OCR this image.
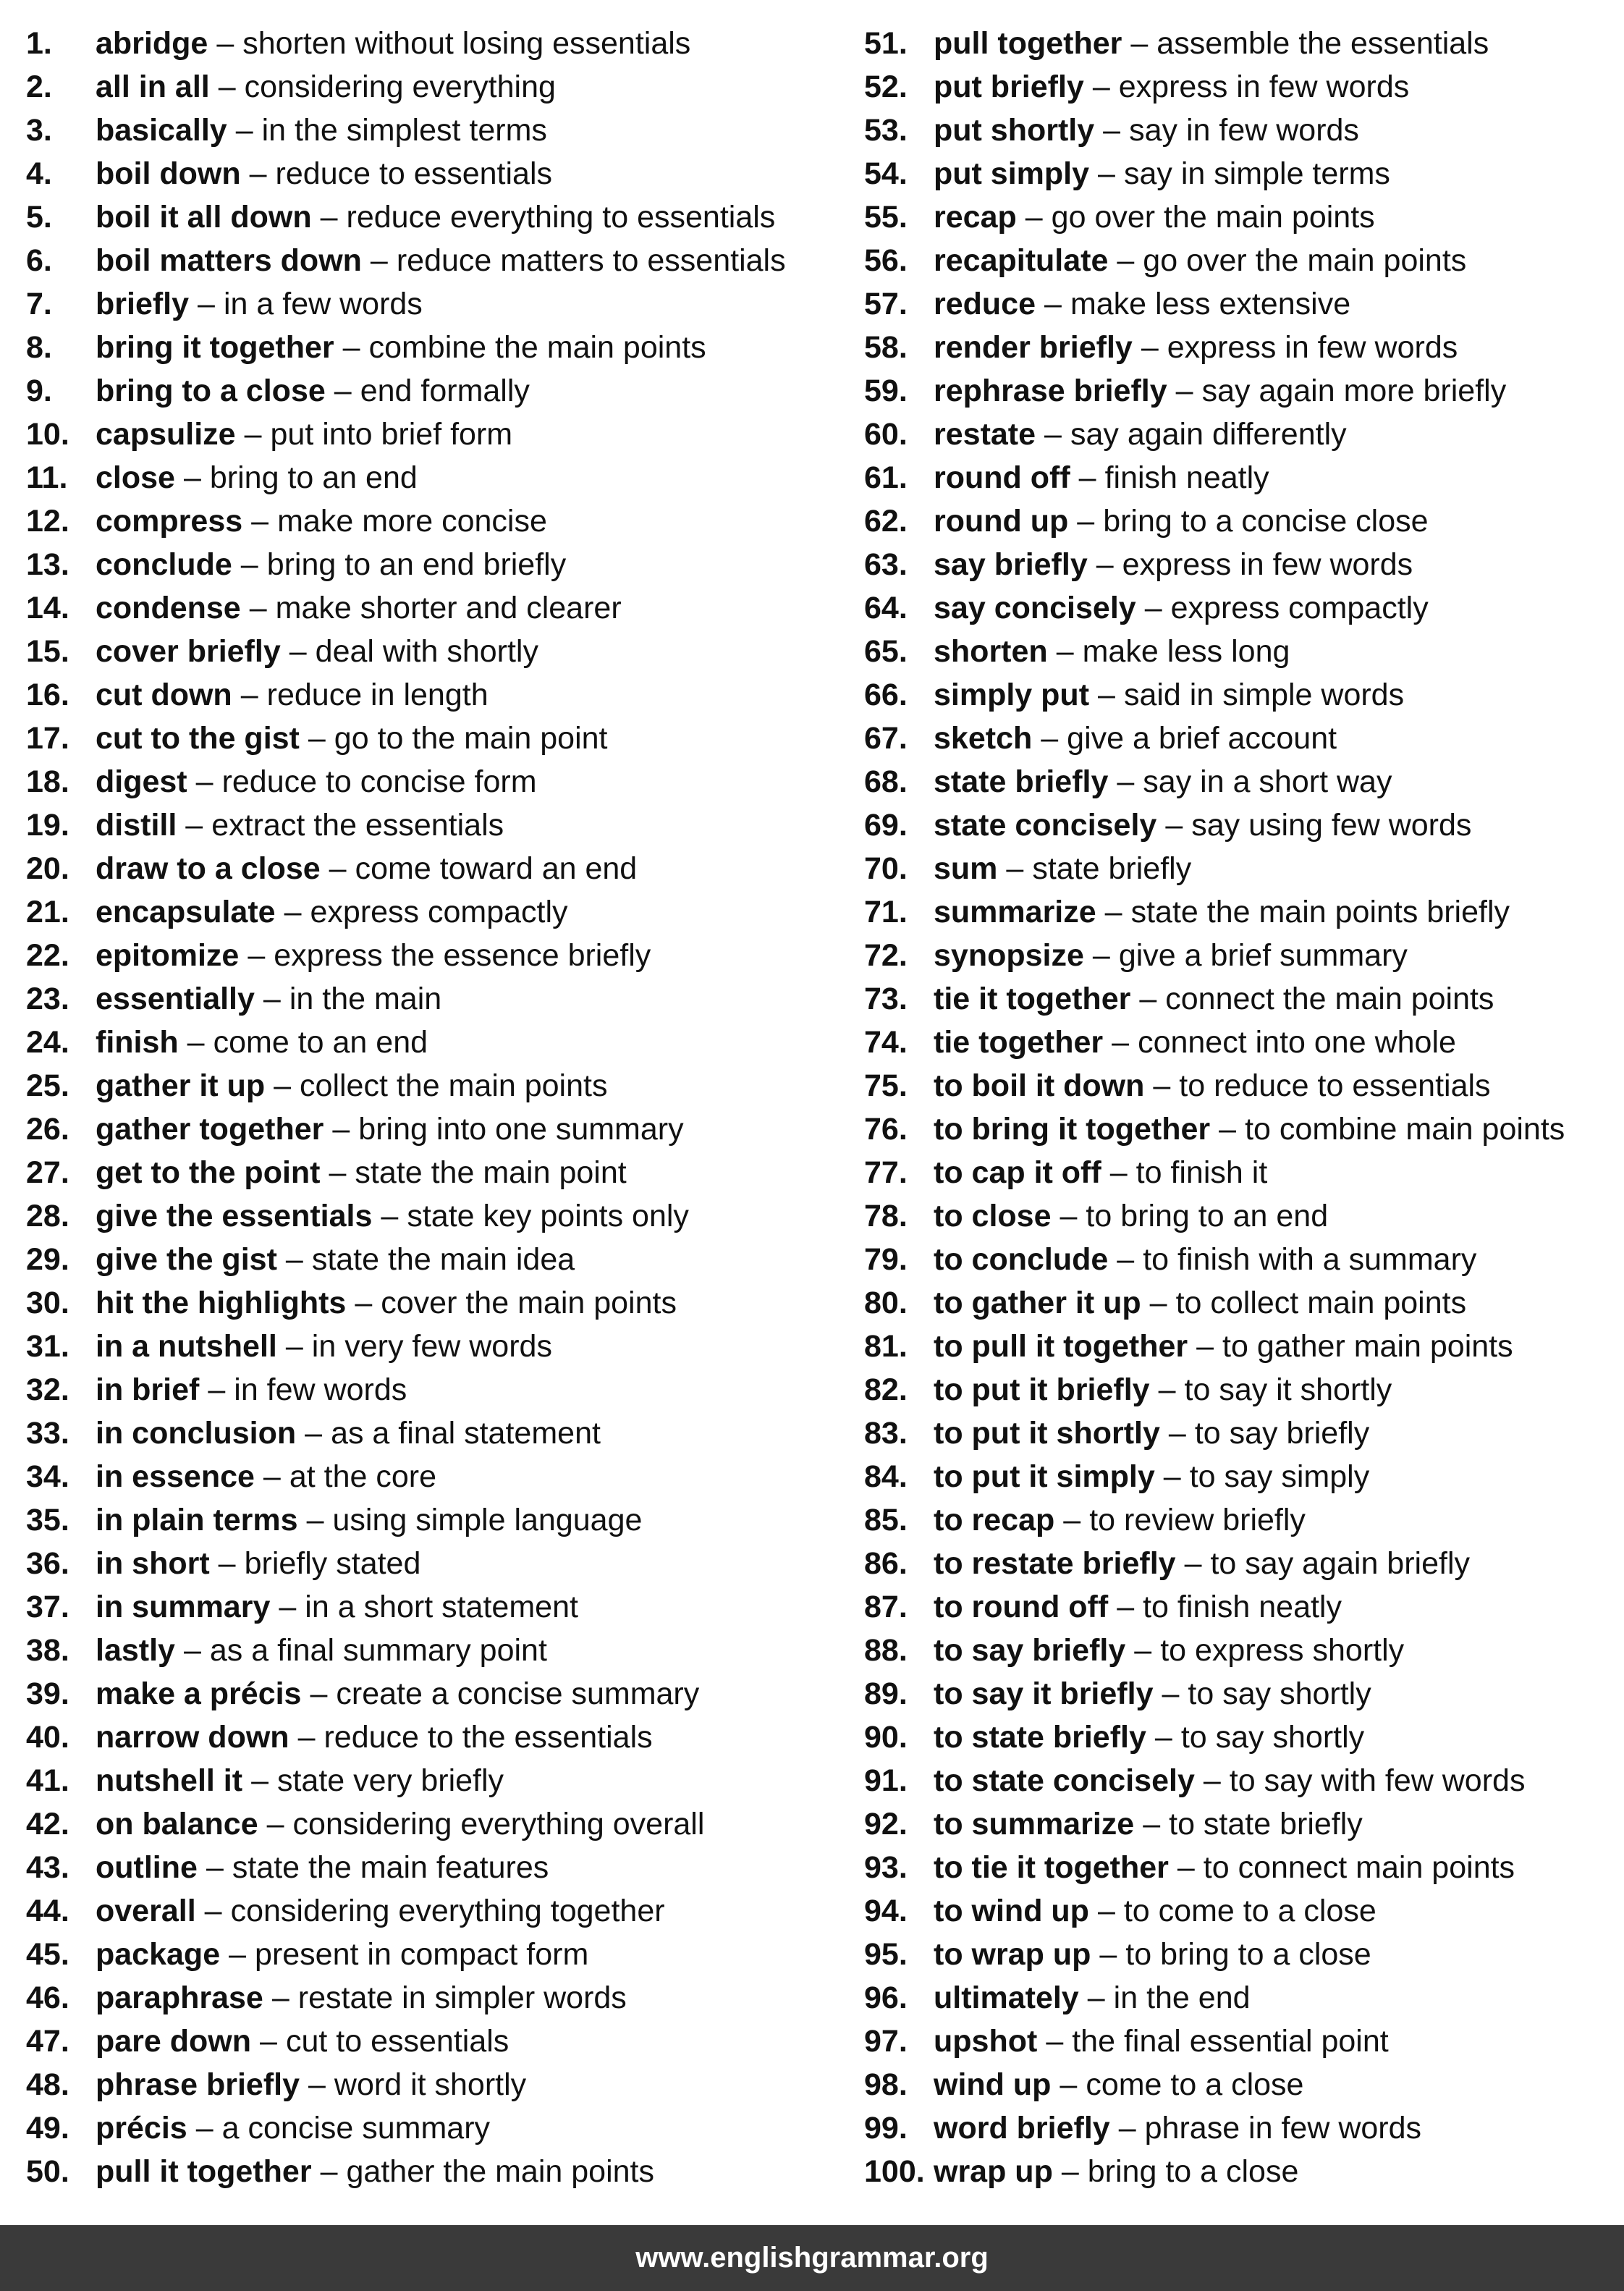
1.	abridge – shorten without losing essentials
2.	all in all – considering everything
3.	basically – in the simplest terms
4.	boil down – reduce to essentials
5.	boil it all down – reduce everything to essentials
6.	boil matters down – reduce matters to essentials
7.	briefly – in a few words
8.	bring it together – combine the main points
9.	bring to a close – end formally
10. capsulize – put into brief form
11. close – bring to an end
12. compress – make more concise
13. conclude – bring to an end briefly
14. condense – make shorter and clearer
15. cover briefly – deal with shortly
16. cut down – reduce in length
17. cut to the gist – go to the main point
18. digest – reduce to concise form
19. distill – extract the essentials
20. draw to a close – come toward an end
21. encapsulate – express compactly
22. epitomize – express the essence briefly
23. essentially – in the main
24. finish – come to an end
25. gather it up – collect the main points
26. gather together – bring into one summary
27. get to the point – state the main point
28. give the essentials – state key points only
29. give the gist – state the main idea
30. hit the highlights – cover the main points
31. in a nutshell – in very few words
32. in brief – in few words
33. in conclusion – as a final statement
34. in essence – at the core
35. in plain terms – using simple language
36. in short – briefly stated
37. in summary – in a short statement
38. lastly – as a final summary point
39. make a précis – create a concise summary
40. narrow down – reduce to the essentials
41. nutshell it – state very briefly
42. on balance – considering everything overall
43. outline – state the main features
44. overall – considering everything together
45. package – present in compact form
46. paraphrase – restate in simpler words
47. pare down – cut to essentials
48. phrase briefly – word it shortly
49. précis – a concise summary
50. pull it together – gather the main points
51. pull together – assemble the essentials
52. put briefly – express in few words
53. put shortly – say in few words
54. put simply – say in simple terms
55. recap – go over the main points
56. recapitulate – go over the main points
57. reduce – make less extensive
58. render briefly – express in few words
59. rephrase briefly – say again more briefly
60. restate – say again differently
61. round off – finish neatly
62. round up – bring to a concise close
63. say briefly – express in few words
64. say concisely – express compactly
65. shorten – make less long
66. simply put – said in simple words
67. sketch – give a brief account
68. state briefly – say in a short way
69. state concisely – say using few words
70. sum – state briefly
71. summarize – state the main points briefly
72. synopsize – give a brief summary
73. tie it together – connect the main points
74. tie together – connect into one whole
75. to boil it down – to reduce to essentials
76. to bring it together – to combine main points
77. to cap it off – to finish it
78. to close – to bring to an end
79. to conclude – to finish with a summary
80. to gather it up – to collect main points
81. to pull it together – to gather main points
82. to put it briefly – to say it shortly
83. to put it shortly – to say briefly
84. to put it simply – to say simply
85. to recap – to review briefly
86. to restate briefly – to say again briefly
87. to round off – to finish neatly
88. to say briefly – to express shortly
89. to say it briefly – to say shortly
90. to state briefly – to say shortly
91. to state concisely – to say with few words
92. to summarize – to state briefly
93. to tie it together – to connect main points
94. to wind up – to come to a close
95. to wrap up – to bring to a close
96. ultimately – in the end
97. upshot – the final essential point
98. wind up – come to a close
99. word briefly – phrase in few words
100. wrap up – bring to a close
www.englishgrammar.org
